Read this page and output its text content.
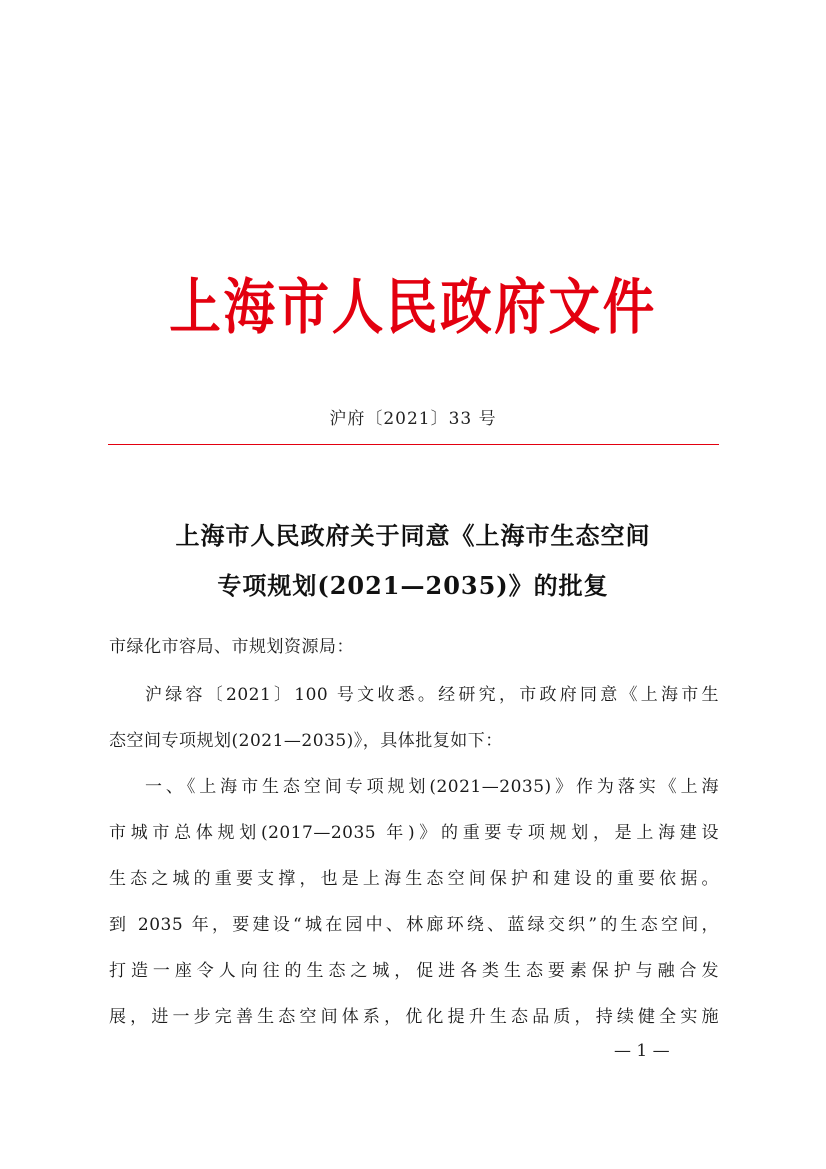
上海市人民政府文件
沪府〔2021〕33 号
上海市人民政府关于同意《上海市生态空间
专项规划(2021—2035)》的批复
市绿化市容局、市规划资源局：
沪绿容〔2021〕100 号文收悉。经研究，市政府同意《上海市生
态空间专项规划(2021—2035)》，具体批复如下：
一、《上海市生态空间专项规划(2021—2035)》作为落实《上海
市城市总体规划(2017—2035 年)》的重要专项规划，是上海建设
生态之城的重要支撑，也是上海生态空间保护和建设的重要依据。
到 2035 年，要建设“城在园中、林廊环绕、蓝绿交织”的生态空间，
打造一座令人向往的生态之城，促进各类生态要素保护与融合发
展，进一步完善生态空间体系，优化提升生态品质，持续健全实施
— 1 —
